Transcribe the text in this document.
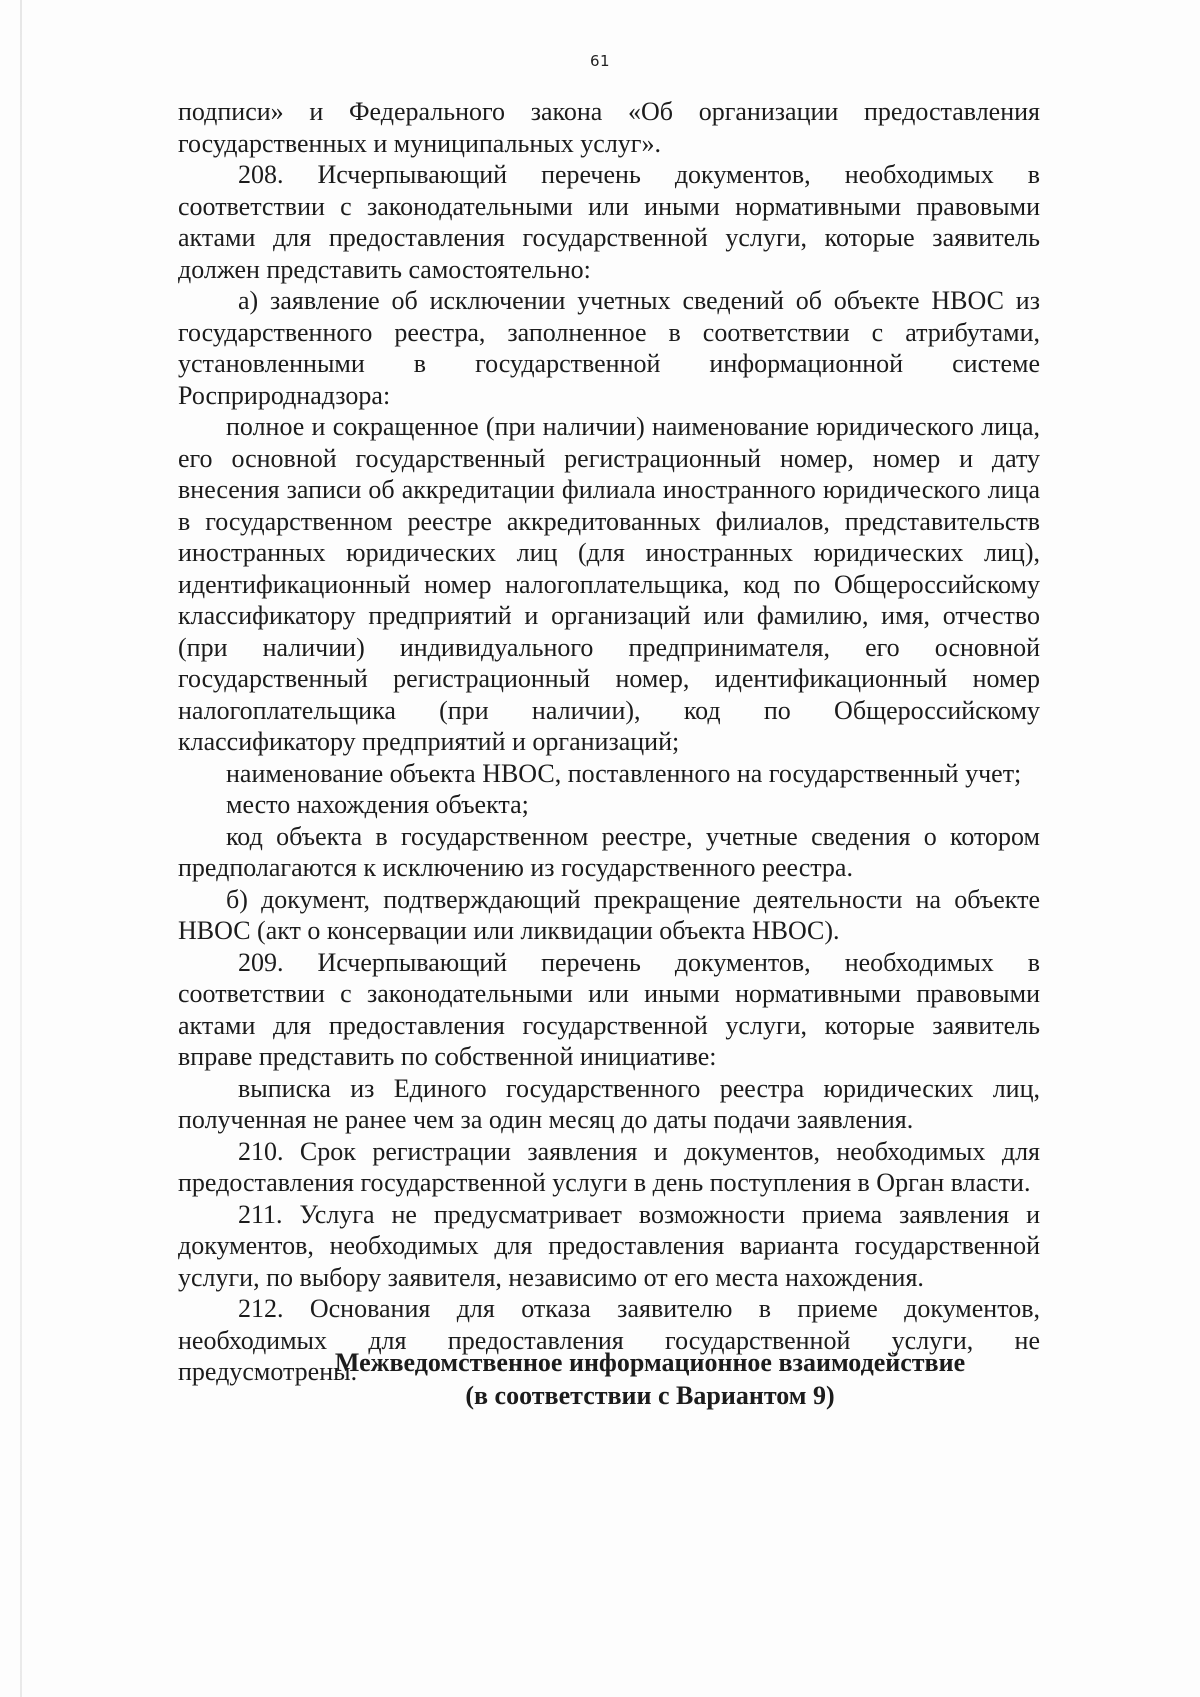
61

подписи» и Федерального закона «Об организации предоставления государственных и муниципальных услуг».

208. Исчерпывающий перечень документов, необходимых в соответствии с законодательными или иными нормативными правовыми актами для предоставления государственной услуги, которые заявитель должен представить самостоятельно:

а) заявление об исключении учетных сведений об объекте НВОС из государственного реестра, заполненное в соответствии с атрибутами, установленными в государственной информационной системе Росприроднадзора:

полное и сокращенное (при наличии) наименование юридического лица, его основной государственный регистрационный номер, номер и дату внесения записи об аккредитации филиала иностранного юридического лица в государственном реестре аккредитованных филиалов, представительств иностранных юридических лиц (для иностранных юридических лиц), идентификационный номер налогоплательщика, код по Общероссийскому классификатору предприятий и организаций или фамилию, имя, отчество (при наличии) индивидуального предпринимателя, его основной государственный регистрационный номер, идентификационный номер налогоплательщика (при наличии), код по Общероссийскому классификатору предприятий и организаций;

наименование объекта НВОС, поставленного на государственный учет;

место нахождения объекта;

код объекта в государственном реестре, учетные сведения о котором предполагаются к исключению из государственного реестра.

б) документ, подтверждающий прекращение деятельности на объекте НВОС (акт о консервации или ликвидации объекта НВОС).

209. Исчерпывающий перечень документов, необходимых в соответствии с законодательными или иными нормативными правовыми актами для предоставления государственной услуги, которые заявитель вправе представить по собственной инициативе:

выписка из Единого государственного реестра юридических лиц, полученная не ранее чем за один месяц до даты подачи заявления.

210. Срок регистрации заявления и документов, необходимых для предоставления государственной услуги в день поступления в Орган власти.

211. Услуга не предусматривает возможности приема заявления и документов, необходимых для предоставления варианта государственной услуги, по выбору заявителя, независимо от его места нахождения.

212. Основания для отказа заявителю в приеме документов, необходимых для предоставления государственной услуги, не предусмотрены.

Межведомственное информационное взаимодействие
(в соответствии с Вариантом 9)
